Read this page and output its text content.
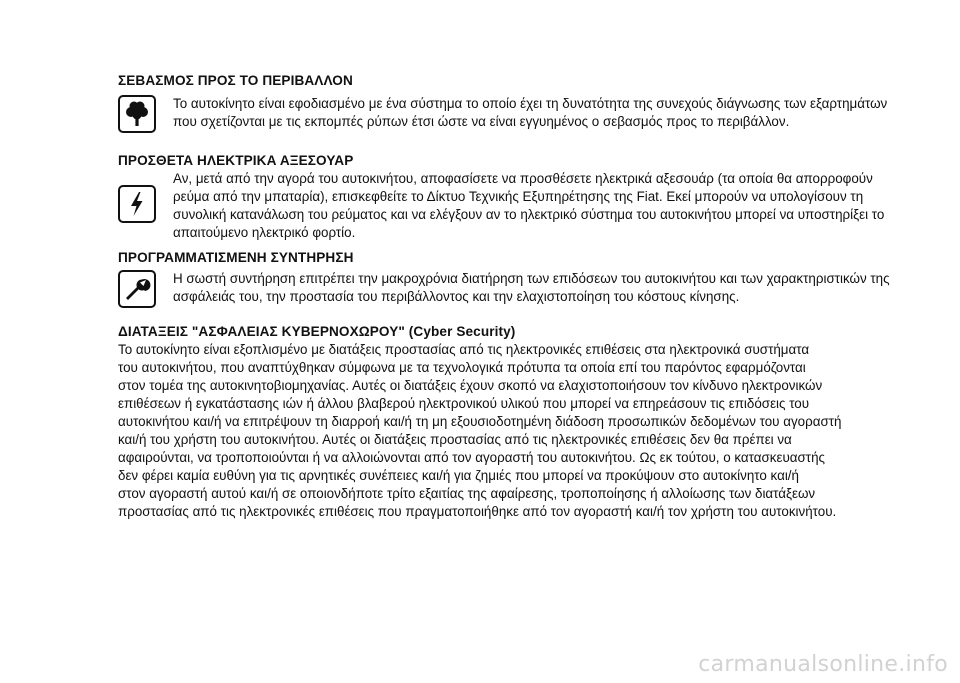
ΣΕΒΑΣΜΟΣ ΠΡΟΣ ΤΟ ΠΕΡΙΒΑΛΛΟΝ
Το αυτοκίνητο είναι εφοδιασμένο με ένα σύστημα το οποίο έχει τη δυνατότητα της συνεχούς διάγνωσης των εξαρτημάτων
που σχετίζονται με τις εκπομπές ρύπων έτσι ώστε να είναι εγγυημένος ο σεβασμός προς το περιβάλλον.
ΠΡΟΣΘΕΤΑ ΗΛΕΚΤΡΙΚΑ ΑΞΕΣΟΥΑΡ
Αν, μετά από την αγορά του αυτοκινήτου, αποφασίσετε να προσθέσετε ηλεκτρικά αξεσουάρ (τα οποία θα απορροφούν
ρεύμα από την μπαταρία), επισκεφθείτε το Δίκτυο Τεχνικής Εξυπηρέτησης της Fiat. Εκεί μπορούν να υπολογίσουν τη
συνολική κατανάλωση του ρεύματος και να ελέγξουν αν το ηλεκτρικό σύστημα του αυτοκινήτου μπορεί να υποστηρίξει το
απαιτούμενο ηλεκτρικό φορτίο.
ΠΡΟΓΡΑΜΜΑΤΙΣΜΕΝΗ ΣΥΝΤΗΡΗΣΗ
Η σωστή συντήρηση επιτρέπει την μακροχρόνια διατήρηση των επιδόσεων του αυτοκινήτου και των χαρακτηριστικών της
ασφάλειάς του, την προστασία του περιβάλλοντος και την ελαχιστοποίηση του κόστους κίνησης.
ΔΙΑΤΑΞΕΙΣ "ΑΣΦΑΛΕΙΑΣ ΚΥΒΕΡΝΟΧΩΡΟΥ" (Cyber Security)
Το αυτοκίνητο είναι εξοπλισμένο με διατάξεις προστασίας από τις ηλεκτρονικές επιθέσεις στα ηλεκτρονικά συστήματα
του αυτοκινήτου, που αναπτύχθηκαν σύμφωνα με τα τεχνολογικά πρότυπα τα οποία επί του παρόντος εφαρμόζονται
στον τομέα της αυτοκινητοβιομηχανίας. Αυτές οι διατάξεις έχουν σκοπό να ελαχιστοποιήσουν τον κίνδυνο ηλεκτρονικών
επιθέσεων ή εγκατάστασης ιών ή άλλου βλαβερού ηλεκτρονικού υλικού που μπορεί να επηρεάσουν τις επιδόσεις του
αυτοκινήτου και/ή να επιτρέψουν τη διαρροή και/ή τη μη εξουσιοδοτημένη διάδοση προσωπικών δεδομένων του αγοραστή
και/ή του χρήστη του αυτοκινήτου. Αυτές οι διατάξεις προστασίας από τις ηλεκτρονικές επιθέσεις δεν θα πρέπει να
αφαιρούνται, να τροποποιούνται ή να αλλοιώνονται από τον αγοραστή του αυτοκινήτου. Ως εκ τούτου, ο κατασκευαστής
δεν φέρει καμία ευθύνη για τις αρνητικές συνέπειες και/ή για ζημιές που μπορεί να προκύψουν στο αυτοκίνητο και/ή
στον αγοραστή αυτού και/ή σε οποιονδήποτε τρίτο εξαιτίας της αφαίρεσης, τροποποίησης ή αλλοίωσης των διατάξεων
προστασίας από τις ηλεκτρονικές επιθέσεις που πραγματοποιήθηκε από τον αγοραστή και/ή τον χρήστη του αυτοκινήτου.
carmanualsonline.info
